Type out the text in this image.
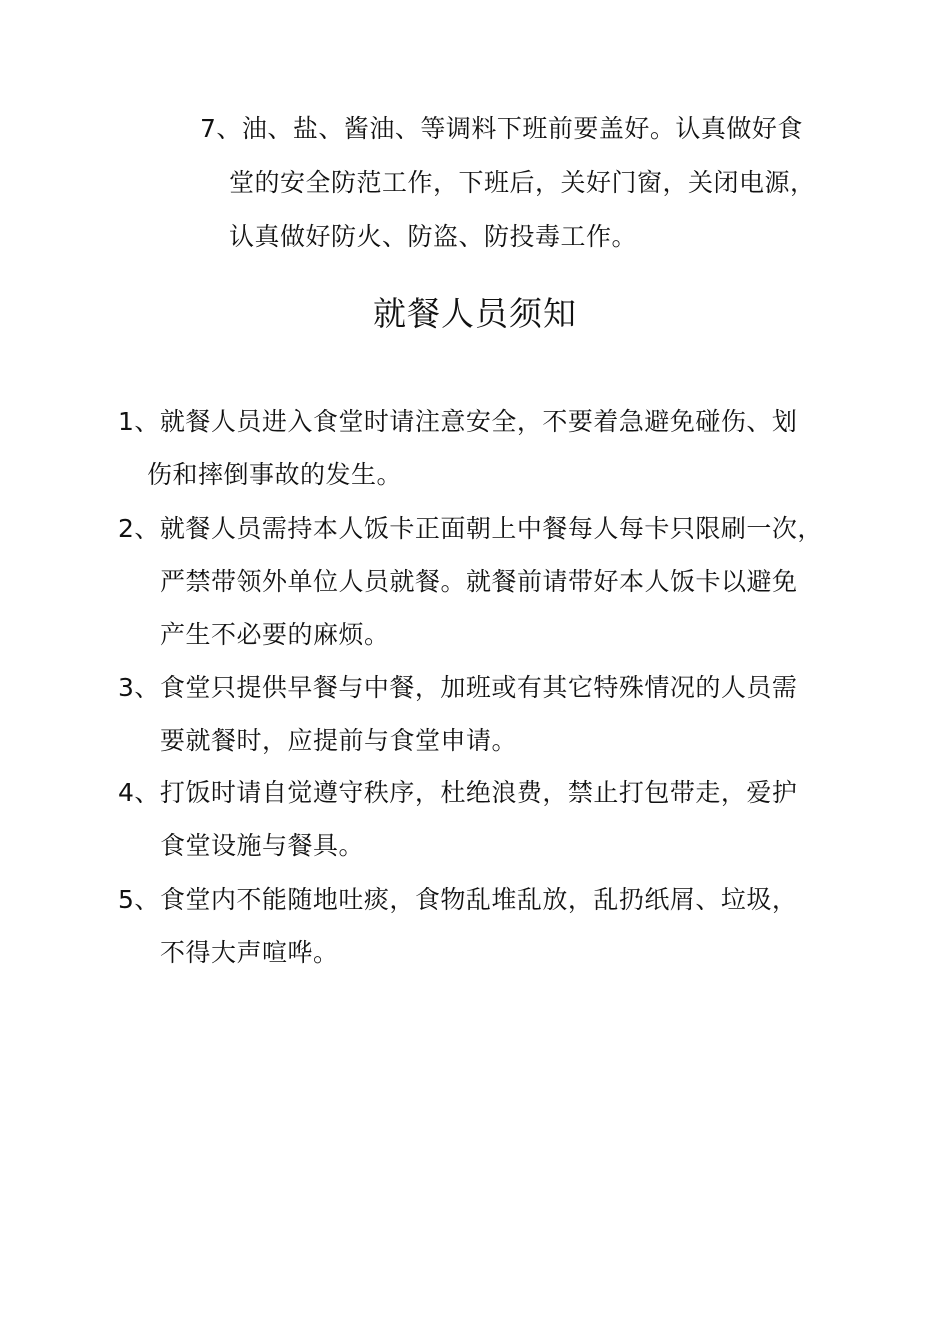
7、油、盐、酱油、等调料下班前要盖好。认真做好食
堂的安全防范工作，下班后，关好门窗，关闭电源，
认真做好防火、防盗、防投毒工作。
就餐人员须知
1、就餐人员进入食堂时请注意安全，不要着急避免碰伤、划
伤和摔倒事故的发生。
2、就餐人员需持本人饭卡正面朝上中餐每人每卡只限刷一次，
严禁带领外单位人员就餐。就餐前请带好本人饭卡以避免
产生不必要的麻烦。
3、食堂只提供早餐与中餐，加班或有其它特殊情况的人员需
要就餐时，应提前与食堂申请。
4、打饭时请自觉遵守秩序，杜绝浪费，禁止打包带走，爱护
食堂设施与餐具。
5、食堂内不能随地吐痰，食物乱堆乱放，乱扔纸屑、垃圾，
不得大声喧哗。
